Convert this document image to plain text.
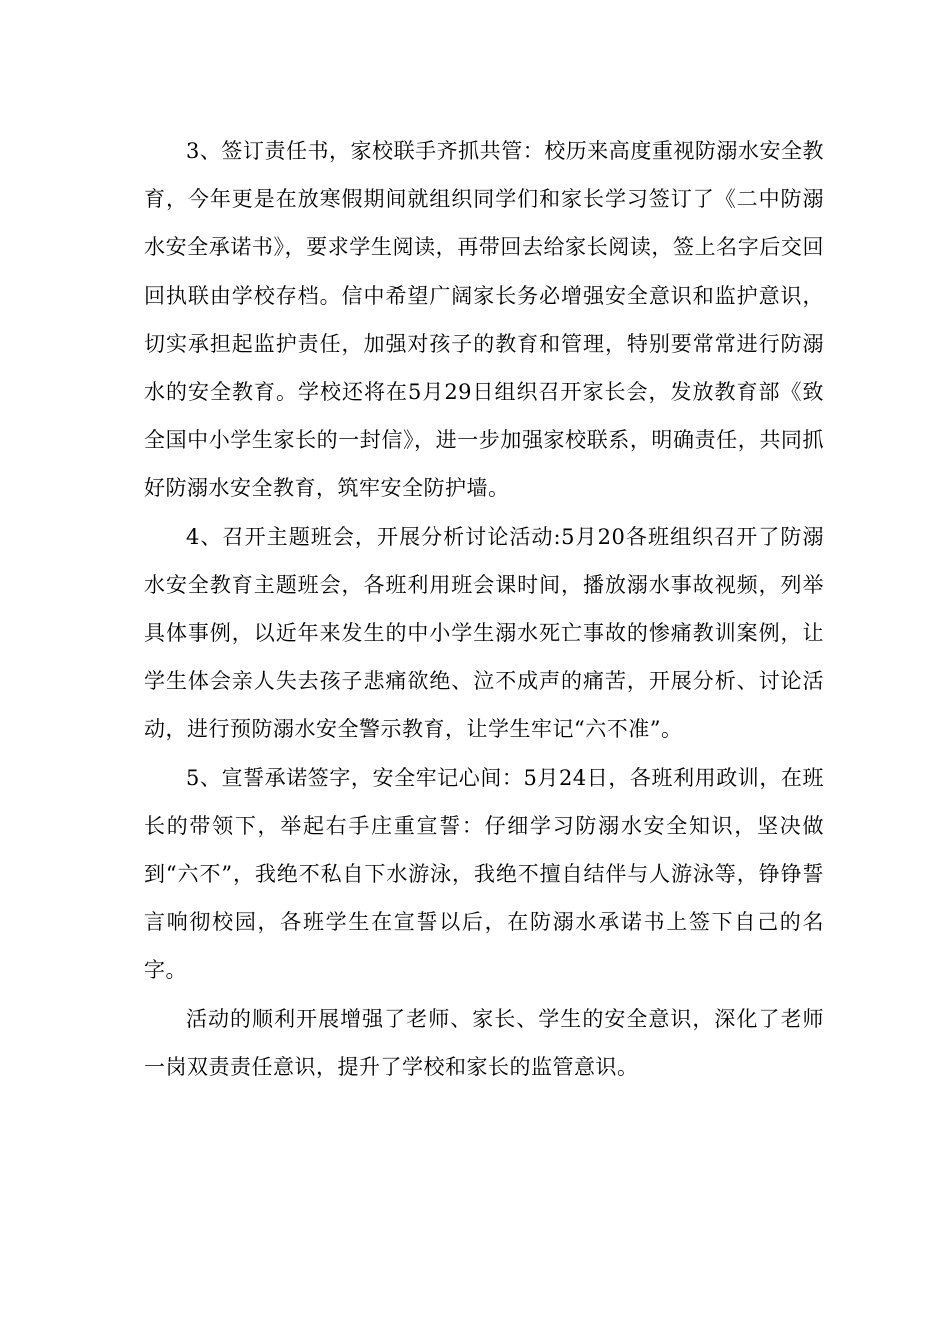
3、签订责任书，家校联手齐抓共管：校历来高度重视防溺水安全教育，今年更是在放寒假期间就组织同学们和家长学习签订了《二中防溺水安全承诺书》，要求学生阅读，再带回去给家长阅读，签上名字后交回回执联由学校存档。信中希望广阔家长务必增强安全意识和监护意识，切实承担起监护责任，加强对孩子的教育和管理，特别要常常进行防溺水的安全教育。学校还将在5月29日组织召开家长会，发放教育部《致全国中小学生家长的一封信》，进一步加强家校联系，明确责任，共同抓好防溺水安全教育，筑牢安全防护墙。

4、召开主题班会，开展分析讨论活动:5月20各班组织召开了防溺水安全教育主题班会，各班利用班会课时间，播放溺水事故视频，列举具体事例，以近年来发生的中小学生溺水死亡事故的惨痛教训案例，让学生体会亲人失去孩子悲痛欲绝、泣不成声的痛苦，开展分析、讨论活动，进行预防溺水安全警示教育，让学生牢记“六不准”。

5、宣誓承诺签字，安全牢记心间：5月24日，各班利用政训，在班长的带领下，举起右手庄重宣誓：仔细学习防溺水安全知识，坚决做到“六不”，我绝不私自下水游泳，我绝不擅自结伴与人游泳等，铮铮誓言响彻校园，各班学生在宣誓以后，在防溺水承诺书上签下自己的名字。

活动的顺利开展增强了老师、家长、学生的安全意识，深化了老师一岗双责责任意识，提升了学校和家长的监管意识。
